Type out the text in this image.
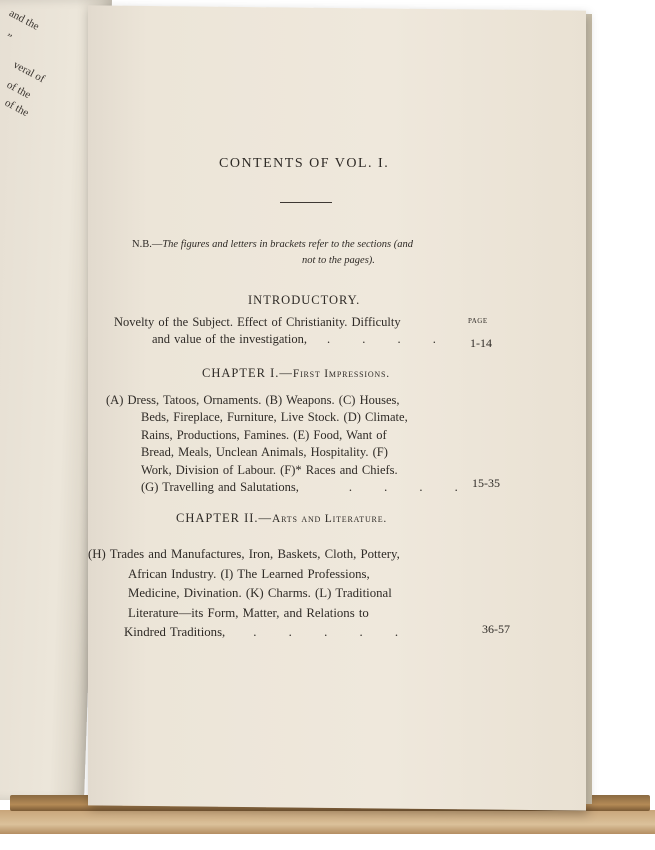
and the
”
veral of
of the
of the
CONTENTS OF VOL. I.
N.B.—The figures and letters in brackets refer to the sections (and
not to the pages).
INTRODUCTORY.
PAGE
Novelty of the Subject. Effect of Christianity. Difficulty
and value of the investigation, . . . . 1-14
CHAPTER I.—First Impressions.
(A) Dress, Tatoos, Ornaments. (B) Weapons. (C) Houses,
Beds, Fireplace, Furniture, Live Stock. (D) Climate,
Rains, Productions, Famines. (E) Food, Want of
Bread, Meals, Unclean Animals, Hospitality. (F)
Work, Division of Labour. (F)* Races and Chiefs.
(G) Travelling and Salutations,	. . . . 15-35
CHAPTER II.—Arts and Literature.
(H) Trades and Manufactures, Iron, Baskets, Cloth, Pottery,
African Industry. (I) The Learned Professions,
Medicine, Divination. (K) Charms. (L) Traditional
Literature—its Form, Matter, and Relations to
Kindred Traditions, . . . . .	36-57
